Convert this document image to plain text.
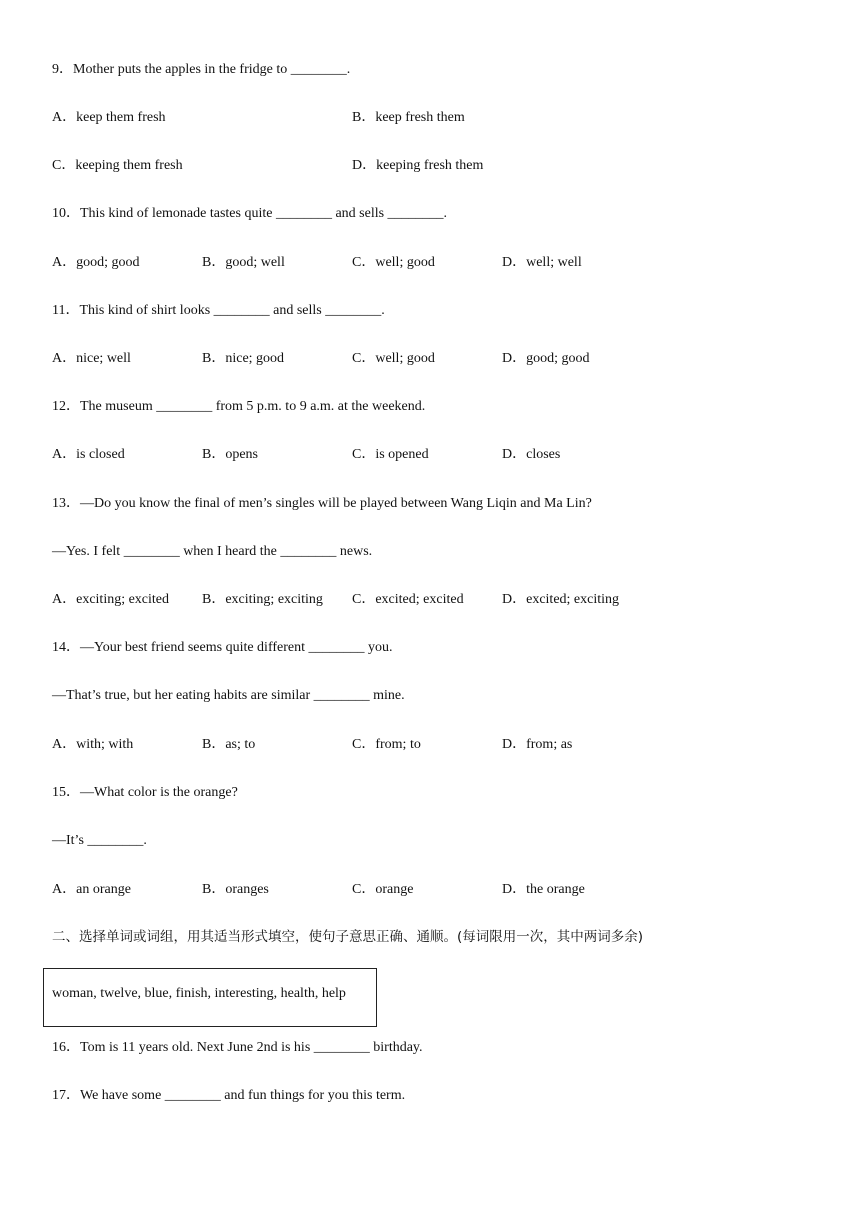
9．Mother puts the apples in the fridge to ________.
A．keep them fresh	B．keep fresh them
C．keeping them fresh	D．keeping fresh them
10．This kind of lemonade tastes quite ________ and sells ________.
A．good; good	B．good; well	C．well; good	D．well; well
11．This kind of shirt looks ________ and sells ________.
A．nice; well	B．nice; good	C．well; good	D．good; good
12．The museum ________ from 5 p.m. to 9 a.m. at the weekend.
A．is closed	B．opens	C．is opened	D．closes
13．—Do you know the final of men’s singles will be played between Wang Liqin and Ma Lin?
—Yes. I felt ________ when I heard the ________ news.
A．exciting; excited B．exciting; exciting C．excited; excited	D．excited; exciting
14．—Your best friend seems quite different ________ you.
—That’s true, but her eating habits are similar ________ mine.
A．with; with	B．as; to	C．from; to	D．from; as
15．—What color is the orange?
—It’s ________.
A．an orange	B．oranges	C．orange	D．the orange
二、选择单词或词组，用其适当形式填空，使句子意思正确、通顺。(每词限用一次，其中两词多余)
woman, twelve, blue, finish, interesting, health, help
16．Tom is 11 years old. Next June 2nd is his ________ birthday.
17．We have some ________ and fun things for you this term.
